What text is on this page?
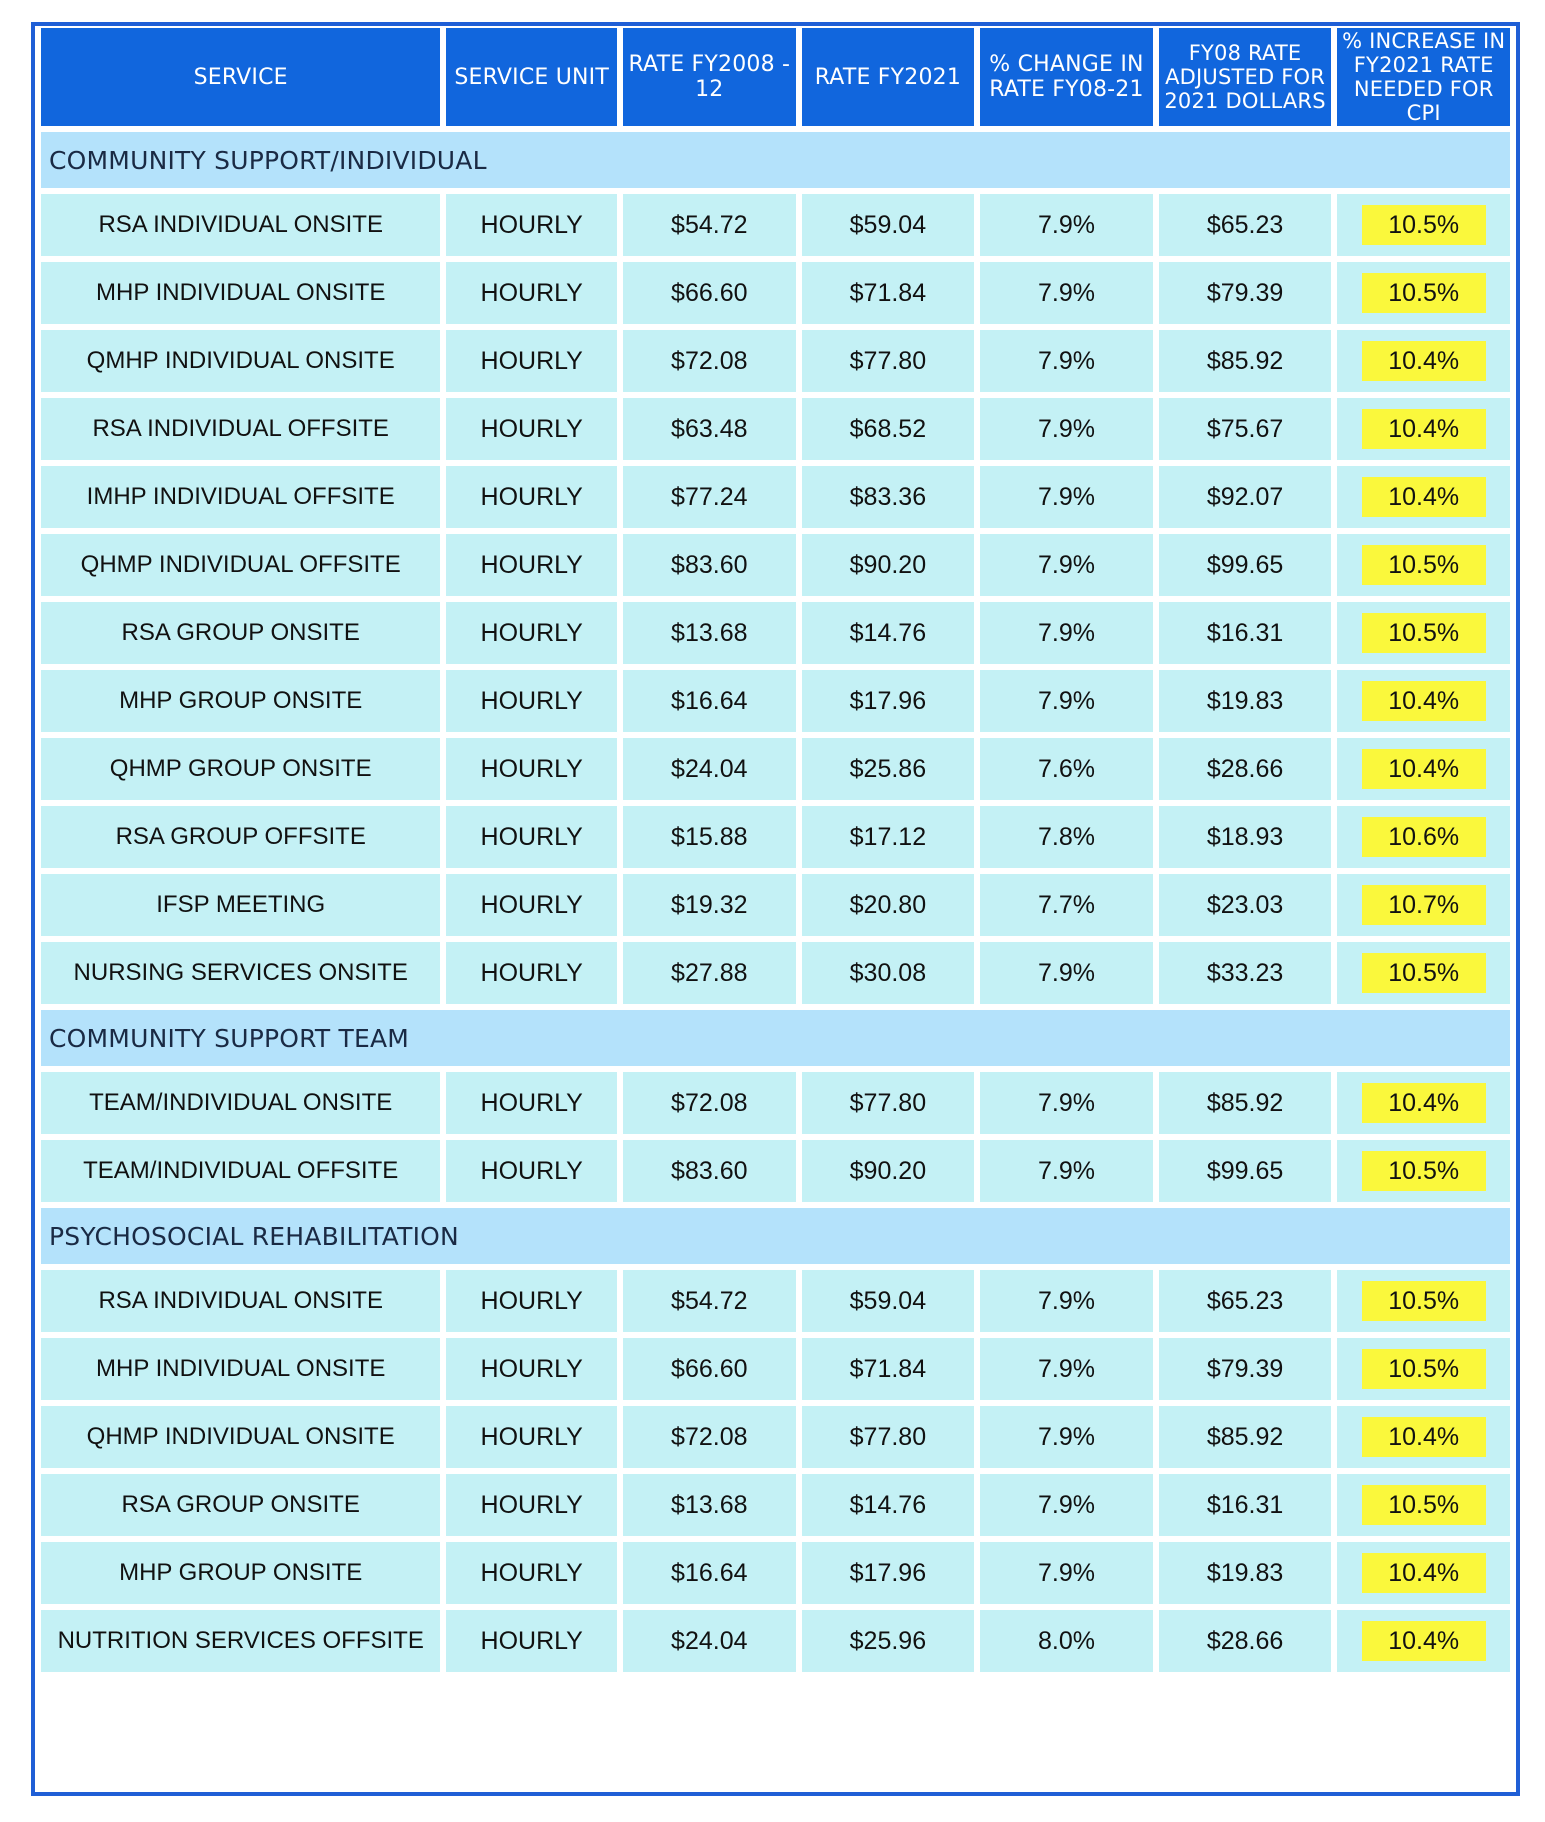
SERVICE	SERVICE UNIT	RATE FY2008 - 12	RATE FY2021	% CHANGE IN RATE FY08-21	FY08 RATE ADJUSTED FOR 2021 DOLLARS	% INCREASE IN FY2021 RATE NEEDED FOR CPI
COMMUNITY SUPPORT/INDIVIDUAL						
RSA INDIVIDUAL ONSITE	HOURLY	$54.72	$59.04	7.9%	$65.23	10.5%
MHP INDIVIDUAL ONSITE	HOURLY	$66.60	$71.84	7.9%	$79.39	10.5%
QMHP INDIVIDUAL ONSITE	HOURLY	$72.08	$77.80	7.9%	$85.92	10.4%
RSA INDIVIDUAL OFFSITE	HOURLY	$63.48	$68.52	7.9%	$75.67	10.4%
IMHP INDIVIDUAL OFFSITE	HOURLY	$77.24	$83.36	7.9%	$92.07	10.4%
QHMP INDIVIDUAL OFFSITE	HOURLY	$83.60	$90.20	7.9%	$99.65	10.5%
RSA GROUP ONSITE	HOURLY	$13.68	$14.76	7.9%	$16.31	10.5%
MHP GROUP ONSITE	HOURLY	$16.64	$17.96	7.9%	$19.83	10.4%
QHMP GROUP ONSITE	HOURLY	$24.04	$25.86	7.6%	$28.66	10.4%
RSA GROUP OFFSITE	HOURLY	$15.88	$17.12	7.8%	$18.93	10.6%
IFSP MEETING	HOURLY	$19.32	$20.80	7.7%	$23.03	10.7%
NURSING SERVICES ONSITE	HOURLY	$27.88	$30.08	7.9%	$33.23	10.5%
COMMUNITY SUPPORT TEAM						
TEAM/INDIVIDUAL ONSITE	HOURLY	$72.08	$77.80	7.9%	$85.92	10.4%
TEAM/INDIVIDUAL OFFSITE	HOURLY	$83.60	$90.20	7.9%	$99.65	10.5%
PSYCHOSOCIAL REHABILITATION						
RSA INDIVIDUAL ONSITE	HOURLY	$54.72	$59.04	7.9%	$65.23	10.5%
MHP INDIVIDUAL ONSITE	HOURLY	$66.60	$71.84	7.9%	$79.39	10.5%
QHMP INDIVIDUAL ONSITE	HOURLY	$72.08	$77.80	7.9%	$85.92	10.4%
RSA GROUP ONSITE	HOURLY	$13.68	$14.76	7.9%	$16.31	10.5%
MHP GROUP ONSITE	HOURLY	$16.64	$17.96	7.9%	$19.83	10.4%
NUTRITION SERVICES OFFSITE	HOURLY	$24.04	$25.96	8.0%	$28.66	10.4%
